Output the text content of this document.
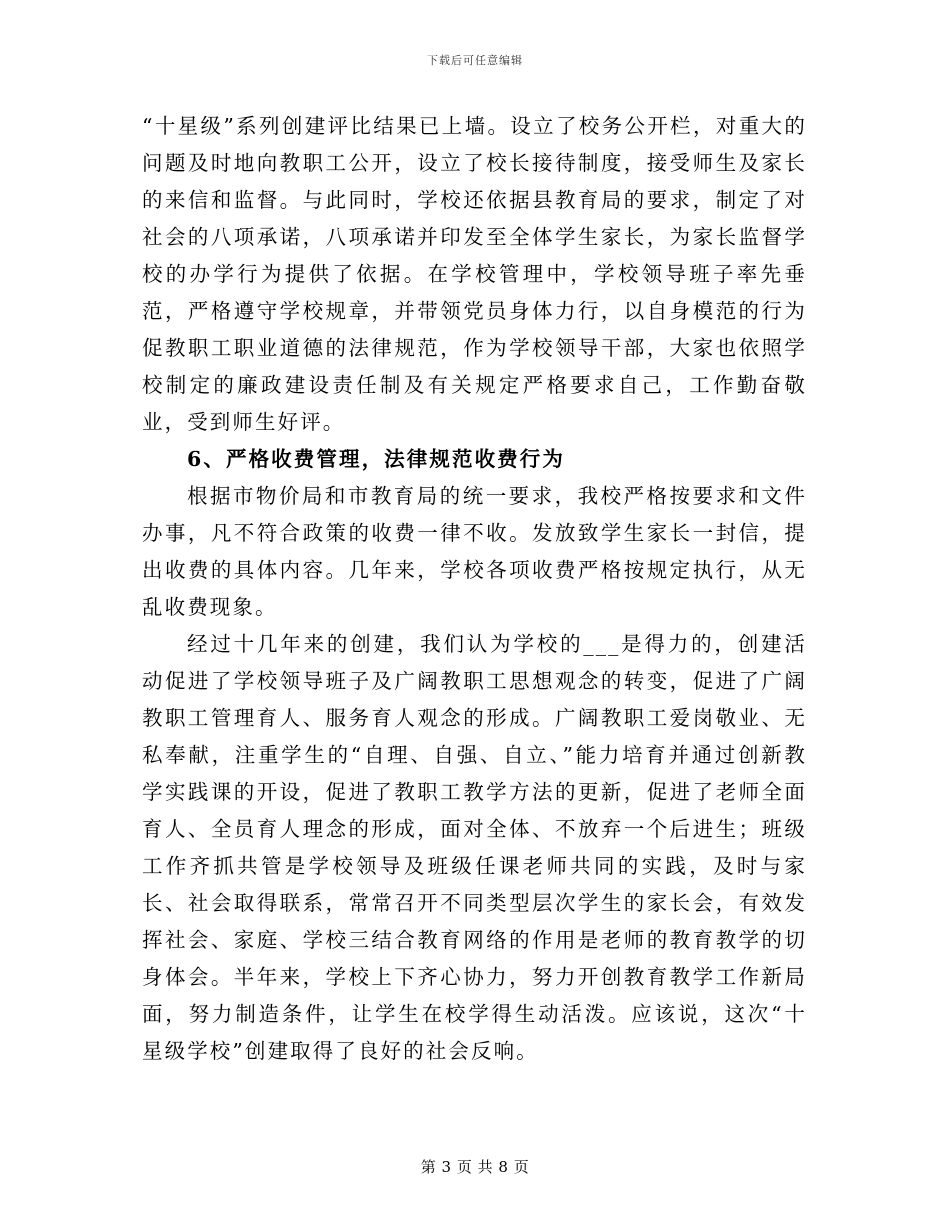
下载后可任意编辑

“十星级”系列创建评比结果已上墙。设立了校务公开栏，对重大的问题及时地向教职工公开，设立了校长接待制度，接受师生及家长的来信和监督。与此同时，学校还依据县教育局的要求，制定了对社会的八项承诺，八项承诺并印发至全体学生家长，为家长监督学校的办学行为提供了依据。在学校管理中，学校领导班子率先垂范，严格遵守学校规章，并带领党员身体力行，以自身模范的行为促教职工职业道德的法律规范，作为学校领导干部，大家也依照学校制定的廉政建设责任制及有关规定严格要求自己，工作勤奋敬业，受到师生好评。

6、严格收费管理，法律规范收费行为

根据市物价局和市教育局的统一要求，我校严格按要求和文件办事，凡不符合政策的收费一律不收。发放致学生家长一封信，提出收费的具体内容。几年来，学校各项收费严格按规定执行，从无乱收费现象。

经过十几年来的创建，我们认为学校的___是得力的，创建活动促进了学校领导班子及广阔教职工思想观念的转变，促进了广阔教职工管理育人、服务育人观念的形成。广阔教职工爱岗敬业、无私奉献，注重学生的“自理、自强、自立、”能力培育并通过创新教学实践课的开设，促进了教职工教学方法的更新，促进了老师全面育人、全员育人理念的形成，面对全体、不放弃一个后进生；班级工作齐抓共管是学校领导及班级任课老师共同的实践，及时与家长、社会取得联系，常常召开不同类型层次学生的家长会，有效发挥社会、家庭、学校三结合教育网络的作用是老师的教育教学的切身体会。半年来，学校上下齐心协力，努力开创教育教学工作新局面，努力制造条件，让学生在校学得生动活泼。应该说，这次“十星级学校”创建取得了良好的社会反响。

第 3 页 共 8 页
